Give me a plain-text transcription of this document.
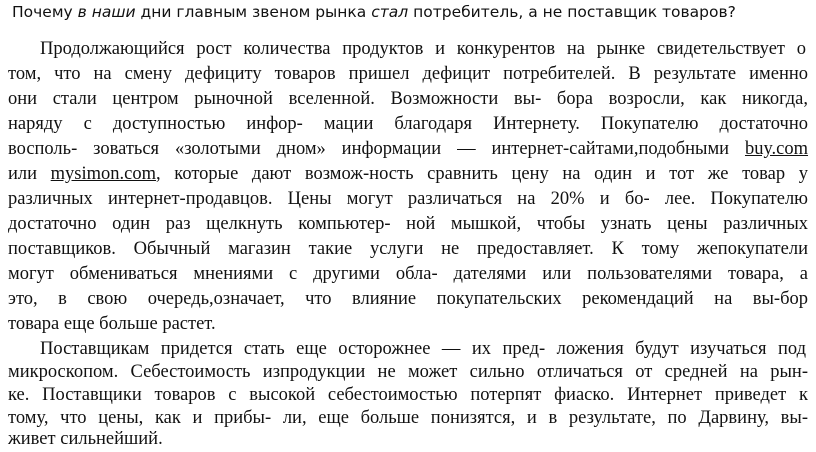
Почему в наши дни главным звеном рынка стал потребитель, а не поставщик товаров?
Продолжающийся рост количества продуктов и конкурентов на рынке свидетельствует о
том, что на смену дефициту товаров пришел дефицит потребителей. В результате именно
они стали центром рыночной вселенной. Возможности вы- бора возросли, как никогда,
наряду с доступностью инфор- мации благодаря Интернету. Покупателю достаточно
восполь- зоваться «золотыми дном» информации — интернет-сайтами,подобными buy.com
или mysimon.com, которые дают возмож-ность сравнить цену на один и тот же товар у
различных интернет-продавцов. Цены могут различаться на 20% и бо- лее. Покупателю
достаточно один раз щелкнуть компьютер- ной мышкой, чтобы узнать цены различных
поставщиков. Обычный магазин такие услуги не предоставляет. К тому жепокупатели
могут обмениваться мнениями с другими обла- дателями или пользователями товара, а
это, в свою очередь,означает, что влияние покупательских рекомендаций на вы-бор
товара еще больше растет.
Поставщикам придется стать еще осторожнее — их пред- ложения будут изучаться под
микроскопом. Себестоимость изпродукции не может сильно отличаться от средней на рын-
ке. Поставщики товаров с высокой себестоимостью потерпят фиаско. Интернет приведет к
тому, что цены, как и прибы- ли, еще больше понизятся, и в результате, по Дарвину, вы-
живет сильнейший.
